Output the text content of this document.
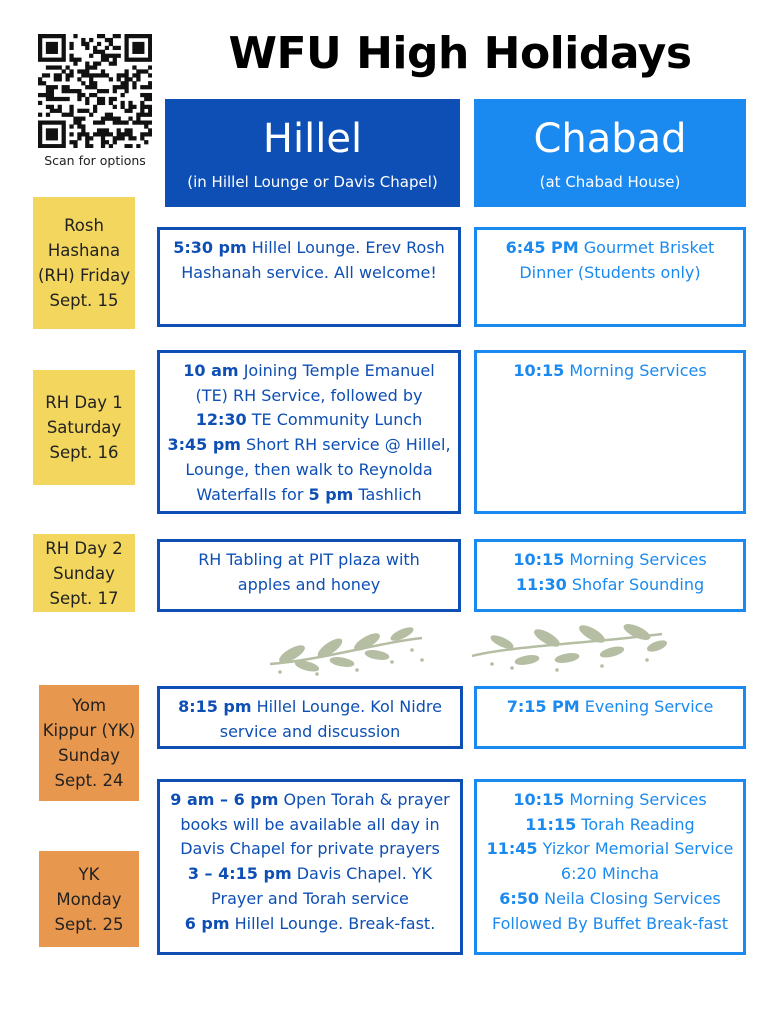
Scan for options
WFU High Holidays
Hillel
(in Hillel Lounge or Davis Chapel)
Chabad
(at Chabad House)
Rosh
Hashana
(RH) Friday
Sept. 15
RH Day 1
Saturday
Sept. 16
RH Day 2
Sunday
Sept. 17
Yom
Kippur (YK)
Sunday
Sept. 24
YK
Monday
Sept. 25
5:30 pm Hillel Lounge. Erev Rosh
Hashanah service. All welcome!
6:45 PM Gourmet Brisket
Dinner (Students only)
10 am Joining Temple Emanuel
(TE) RH Service, followed by
12:30 TE Community Lunch
3:45 pm Short RH service @ Hillel,
Lounge, then walk to Reynolda
Waterfalls for 5 pm Tashlich
10:15 Morning Services
RH Tabling at PIT plaza with
apples and honey
10:15 Morning Services
11:30 Shofar Sounding
8:15 pm Hillel Lounge. Kol Nidre
service and discussion
7:15 PM Evening Service
9 am – 6 pm Open Torah & prayer
books will be available all day in
Davis Chapel for private prayers
3 – 4:15 pm Davis Chapel. YK
Prayer and Torah service
6 pm Hillel Lounge. Break-fast.
10:15 Morning Services
11:15 Torah Reading
11:45 Yizkor Memorial Service
6:20 Mincha
6:50 Neila Closing Services
Followed By Buffet Break-fast
